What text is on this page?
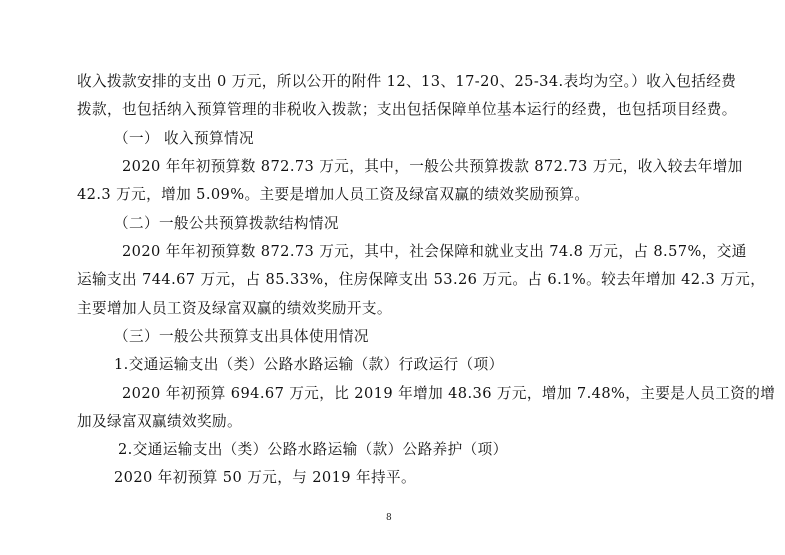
收入拨款安排的支出 0 万元，所以公开的附件 12、13、17-20、25-34.表均为空。）收入包括经费
拨款，也包括纳入预算管理的非税收入拨款；支出包括保障单位基本运行的经费，也包括项目经费。
（一） 收入预算情况
2020 年年初预算数 872.73 万元，其中，一般公共预算拨款 872.73 万元，收入较去年增加
42.3 万元，增加 5.09%。主要是增加人员工资及绿富双赢的绩效奖励预算。
（二）一般公共预算拨款结构情况
2020 年年初预算数 872.73 万元，其中，社会保障和就业支出 74.8 万元，占 8.57%，交通
运输支出 744.67 万元，占 85.33%，住房保障支出 53.26 万元。占 6.1%。较去年增加 42.3 万元，
主要增加人员工资及绿富双赢的绩效奖励开支。
（三）一般公共预算支出具体使用情况
1.交通运输支出（类）公路水路运输（款）行政运行（项）
2020 年初预算 694.67 万元，比 2019 年增加 48.36 万元，增加 7.48%，主要是人员工资的增
加及绿富双赢绩效奖励。
2.交通运输支出（类）公路水路运输（款）公路养护（项）
2020 年初预算 50 万元，与 2019 年持平。
8
